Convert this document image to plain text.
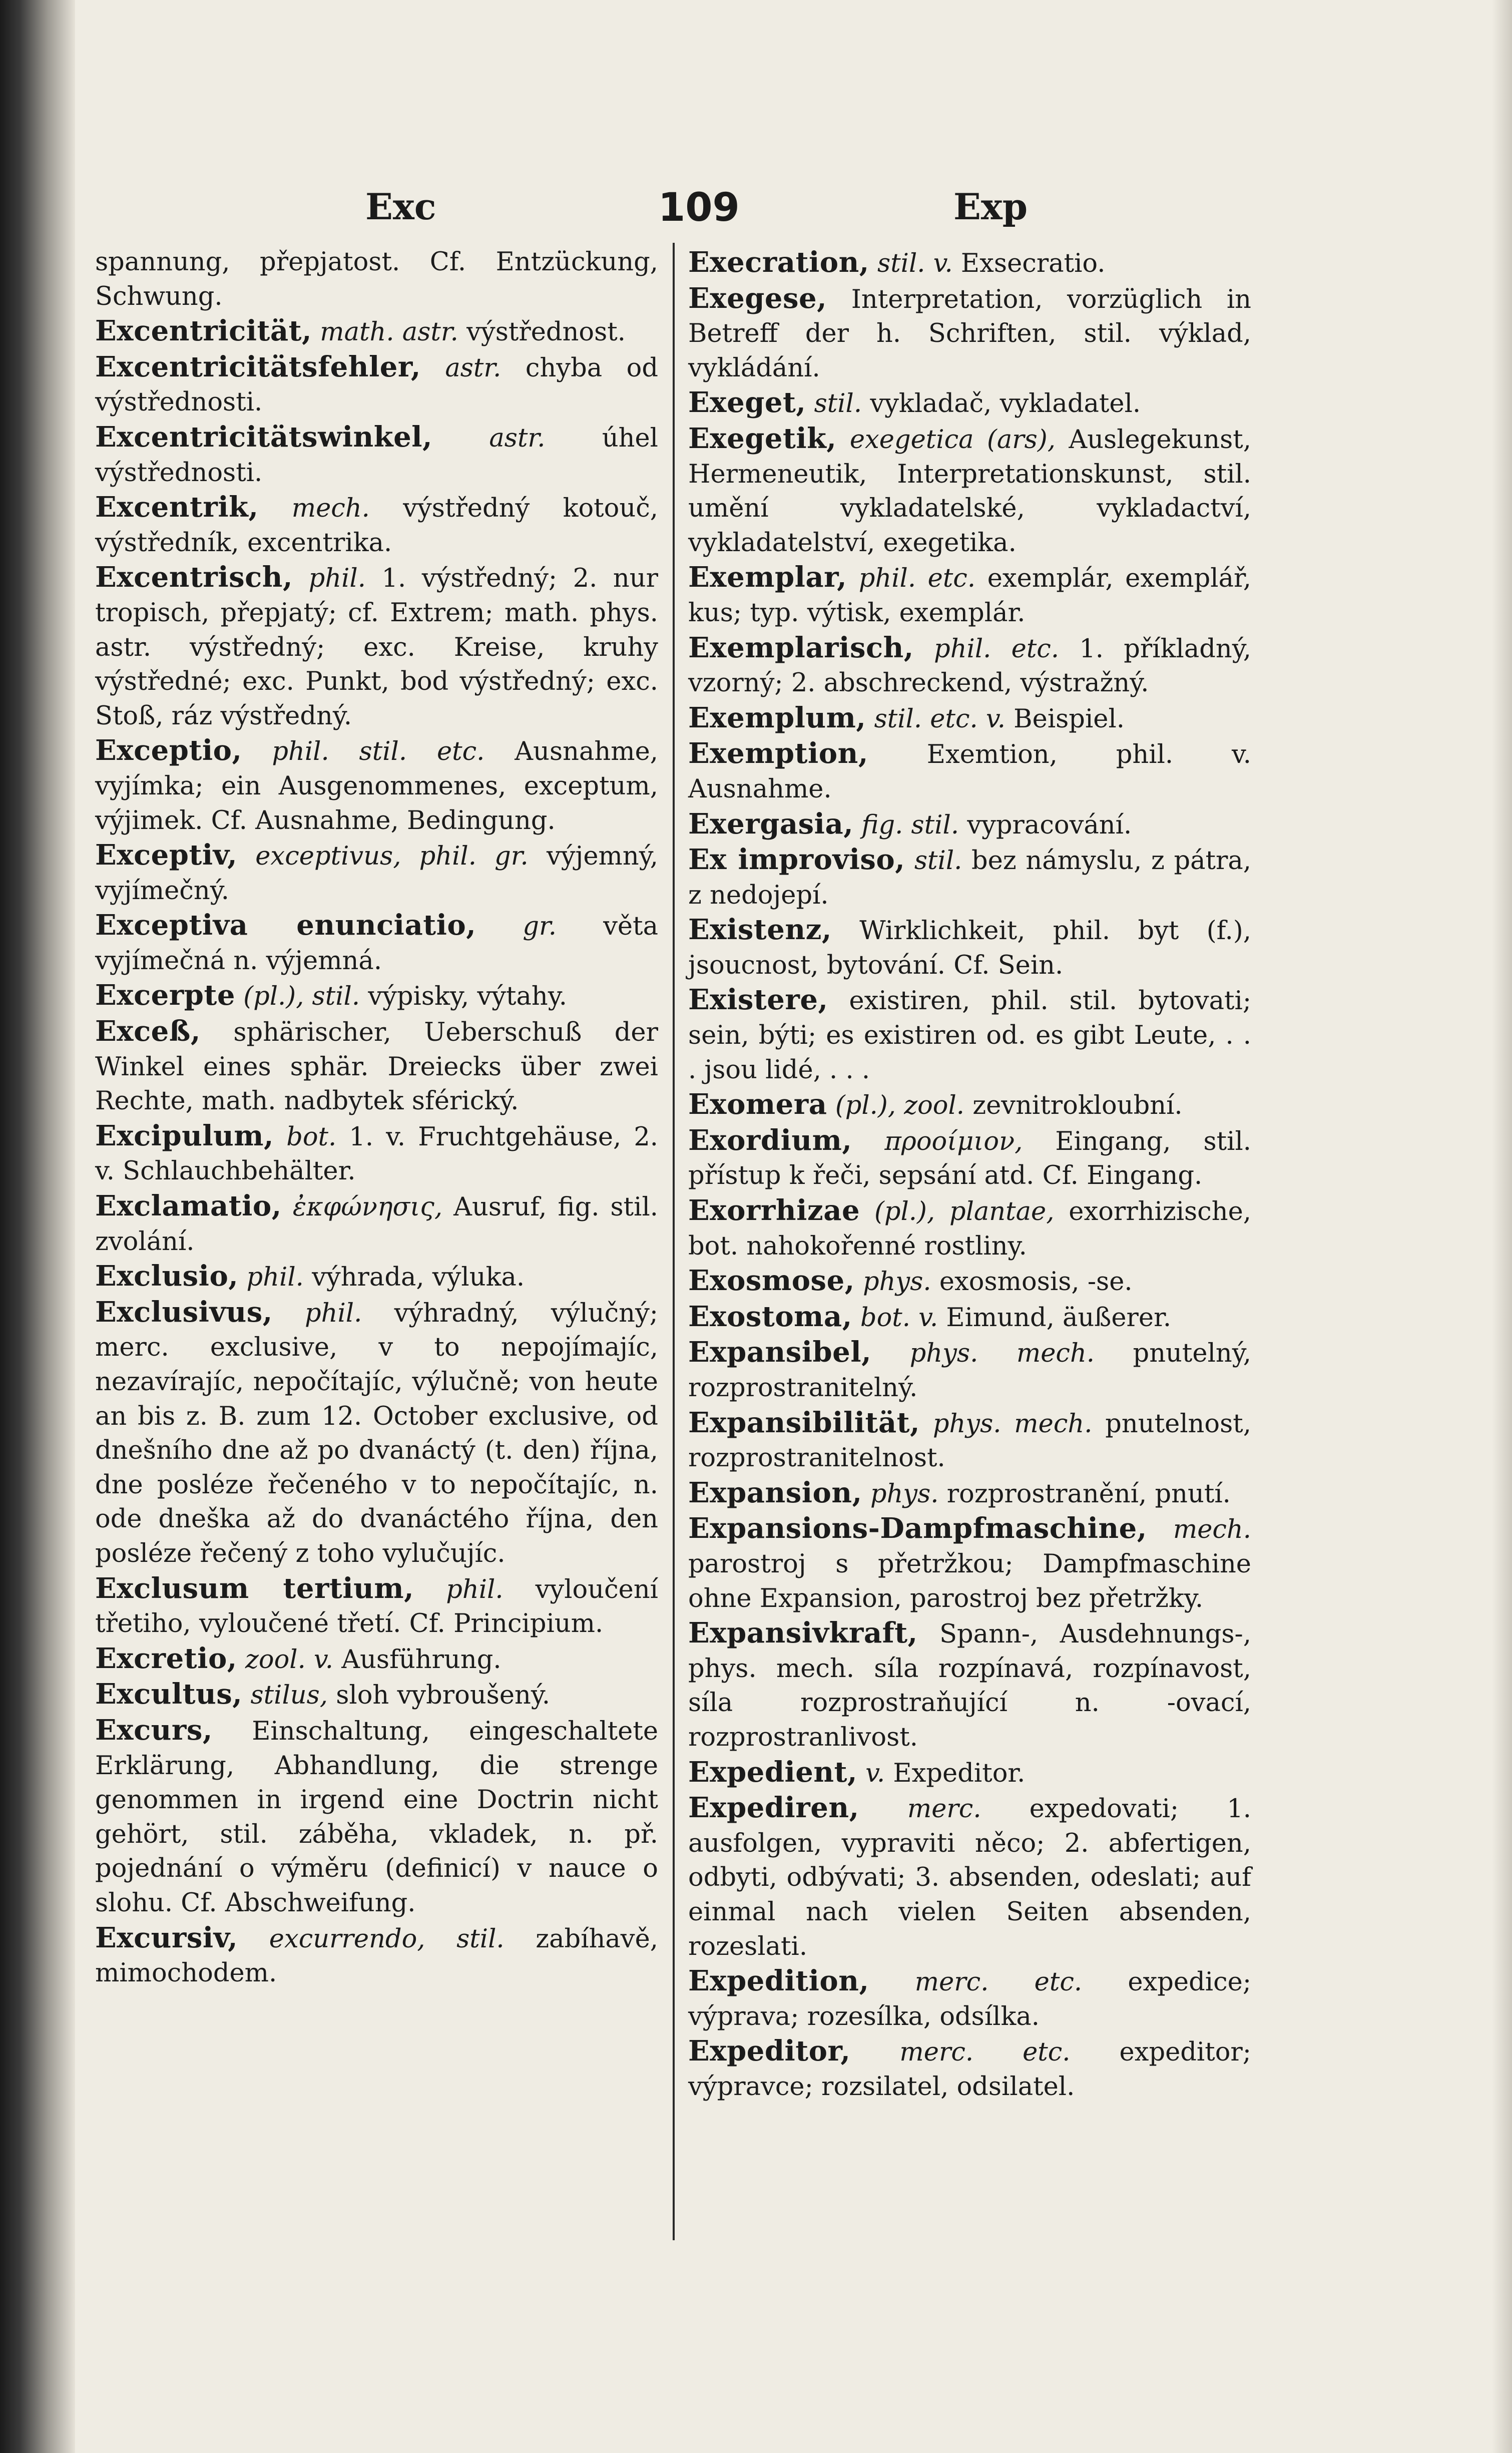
Exc	109	Exp

spannung, přepjatost. Cf. Entzückung, Schwung.

Excentricität, math. astr. výstřednost.

Excentricitätsfehler, astr. chyba od výstřednosti.

Excentricitätswinkel, astr. úhel výstřednosti.

Excentrik, mech. výstředný kotouč, výstředník, excentrika.

Excentrisch, phil. 1. výstředný; 2. nur tropisch, přepjatý; cf. Extrem; math. phys. astr. výstředný; exc. Kreise, kruhy výstředné; exc. Punkt, bod výstředný; exc. Stoß, ráz výstředný.

Exceptio, phil. stil. etc. Ausnahme, vyjímka; ein Ausgenommenes, exceptum, výjimek. Cf. Ausnahme, Bedingung.

Exceptiv, exceptivus, phil. gr. výjemný, vyjímečný.

Exceptiva enunciatio, gr. věta vyjímečná n. výjemná.

Excerpte (pl.), stil. výpisky, výtahy.

Exceß, sphärischer, Ueberschuß der Winkel eines sphär. Dreiecks über zwei Rechte, math. nadbytek sférický.

Excipulum, bot. 1. v. Fruchtgehäuse, 2. v. Schlauchbehälter.

Exclamatio, ἐκφώνησις, Ausruf, fig. stil. zvolání.

Exclusio, phil. výhrada, výluka.

Exclusivus, phil. výhradný, výlučný; merc. exclusive, v to nepojímajíc, nezavírajíc, nepočítajíc, výlučně; von heute an bis z. B. zum 12. October exclusive, od dnešního dne až po dvanáctý (t. den) října, dne posléze řečeného v to nepočítajíc, n. ode dneška až do dvanáctého října, den posléze řečený z toho vylučujíc.

Exclusum tertium, phil. vyloučení třetiho, vyloučené třetí. Cf. Principium.

Excretio, zool. v. Ausführung.

Excultus, stilus, sloh vybroušený.

Excurs, Einschaltung, eingeschaltete Erklärung, Abhandlung, die strenge genommen in irgend eine Doctrin nicht gehört, stil. záběha, vkladek, n. př. pojednání o výměru (definicí) v nauce o slohu. Cf. Abschweifung.

Excursiv, excurrendo, stil. zabíhavě, mimochodem.

Execration, stil. v. Exsecratio.

Exegese, Interpretation, vorzüglich in Betreff der h. Schriften, stil. výklad, vykládání.

Exeget, stil. vykladač, vykladatel.

Exegetik, exegetica (ars), Auslegekunst, Hermeneutik, Interpretationskunst, stil. umění vykladatelské, vykladactví, vykladatelství, exegetika.

Exemplar, phil. etc. exemplár, exemplář, kus; typ. výtisk, exemplár.

Exemplarisch, phil. etc. 1. příkladný, vzorný; 2. abschreckend, výstražný.

Exemplum, stil. etc. v. Beispiel.

Exemption, Exemtion, phil. v. Ausnahme.

Exergasia, fig. stil. vypracování.

Ex improviso, stil. bez námyslu, z pátra, z nedojepí.

Existenz, Wirklichkeit, phil. byt (f.), jsoucnost, bytování. Cf. Sein.

Existere, existiren, phil. stil. bytovati; sein, býti; es existiren od. es gibt Leute, . . . jsou lidé, . . .

Exomera (pl.), zool. zevnitrokloubní.

Exordium, προοίμιον, Eingang, stil. přístup k řeči, sepsání atd. Cf. Eingang.

Exorrhizae (pl.), plantae, exorrhizische, bot. nahokořenné rostliny.

Exosmose, phys. exosmosis, -se.

Exostoma, bot. v. Eimund, äußerer.

Expansibel, phys. mech. pnutelný, rozprostranitelný.

Expansibilität, phys. mech. pnutelnost, rozprostranitelnost.

Expansion, phys. rozprostranění, pnutí.

Expansions-Dampfmaschine, mech. parostroj s přetržkou; Dampfmaschine ohne Expansion, parostroj bez přetržky.

Expansivkraft, Spann-, Ausdehnungs-, phys. mech. síla rozpínavá, rozpínavost, síla rozprostraňující n. -ovací, rozprostranlivost.

Expedient, v. Expeditor.

Expediren, merc. expedovati; 1. ausfolgen, vypraviti něco; 2. abfertigen, odbyti, odbývati; 3. absenden, odeslati; auf einmal nach vielen Seiten absenden, rozeslati.

Expedition, merc. etc. expedice; výprava; rozesílka, odsílka.

Expeditor, merc. etc. expeditor; výpravce; rozsilatel, odsilatel.
